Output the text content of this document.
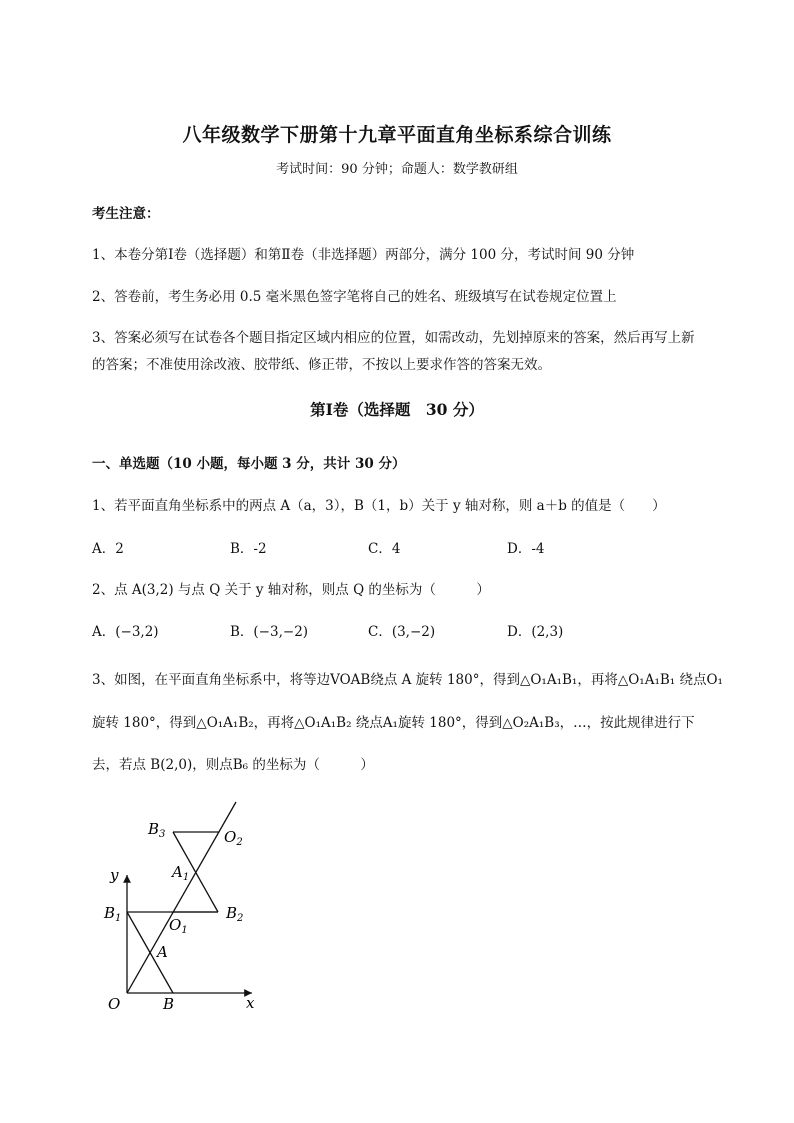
八年级数学下册第十九章平面直角坐标系综合训练
考试时间：90 分钟；命题人：数学教研组
考生注意：
1、本卷分第Ⅰ卷（选择题）和第Ⅱ卷（非选择题）两部分，满分 100 分，考试时间 90 分钟
2、答卷前，考生务必用 0.5 毫米黑色签字笔将自己的姓名、班级填写在试卷规定位置上
3、答案必须写在试卷各个题目指定区域内相应的位置，如需改动，先划掉原来的答案，然后再写上新
的答案；不准使用涂改液、胶带纸、修正带，不按以上要求作答的答案无效。
第Ⅰ卷（选择题　30 分）
一、单选题（10 小题，每小题 3 分，共计 30 分）
1、若平面直角坐标系中的两点 A（a，3），B（1，b）关于 y 轴对称，则 a＋b 的值是（　　）
A．2	B．-2	C．4	D．-4
2、点 A(3,2) 与点 Q 关于 y 轴对称，则点 Q 的坐标为（　　　）
A．(−3,2)	B．(−3,−2)	C．(3,−2)	D．(2,3)
3、如图，在平面直角坐标系中，将等边VOAB绕点 A 旋转 180°，得到△O₁A₁B₁，再将△O₁A₁B₁ 绕点O₁
旋转 180°，得到△O₁A₁B₂，再将△O₁A₁B₂ 绕点A₁旋转 180°，得到△O₂A₁B₃，…，按此规律进行下
去，若点 B(2,0)，则点B₆ 的坐标为（　　　）
y
x
O	B
A
$B_1$	$O_1$
$A_1$
$B_2$
$B_3$	$O_2$
